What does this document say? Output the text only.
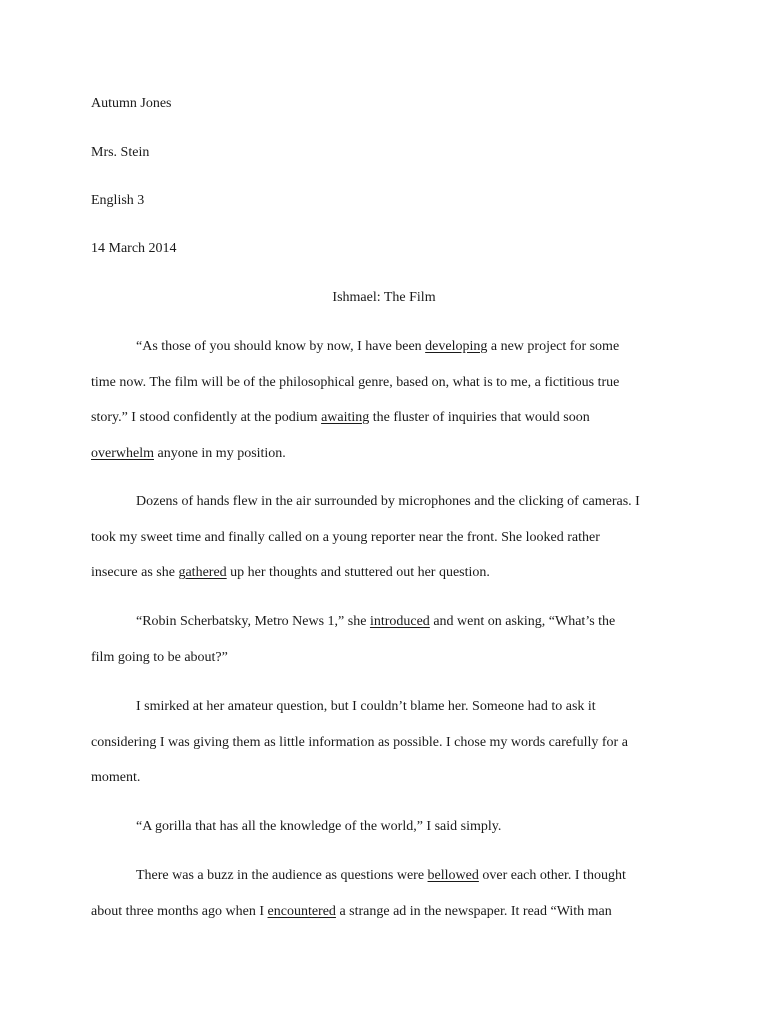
Autumn Jones

Mrs. Stein

English 3

14 March 2014

Ishmael: The Film
“As those of you should know by now, I have been developing a new project for some
time now. The film will be of the philosophical genre, based on, what is to me, a fictitious true
story.” I stood confidently at the podium awaiting the fluster of inquiries that would soon
overwhelm anyone in my position.
Dozens of hands flew in the air surrounded by microphones and the clicking of cameras. I
took my sweet time and finally called on a young reporter near the front. She looked rather
insecure as she gathered up her thoughts and stuttered out her question.
“Robin Scherbatsky, Metro News 1,” she introduced and went on asking, “What’s the
film going to be about?”
I smirked at her amateur question, but I couldn’t blame her. Someone had to ask it
considering I was giving them as little information as possible. I chose my words carefully for a
moment.
“A gorilla that has all the knowledge of the world,” I said simply.
There was a buzz in the audience as questions were bellowed over each other. I thought
about three months ago when I encountered a strange ad in the newspaper. It read “With man
